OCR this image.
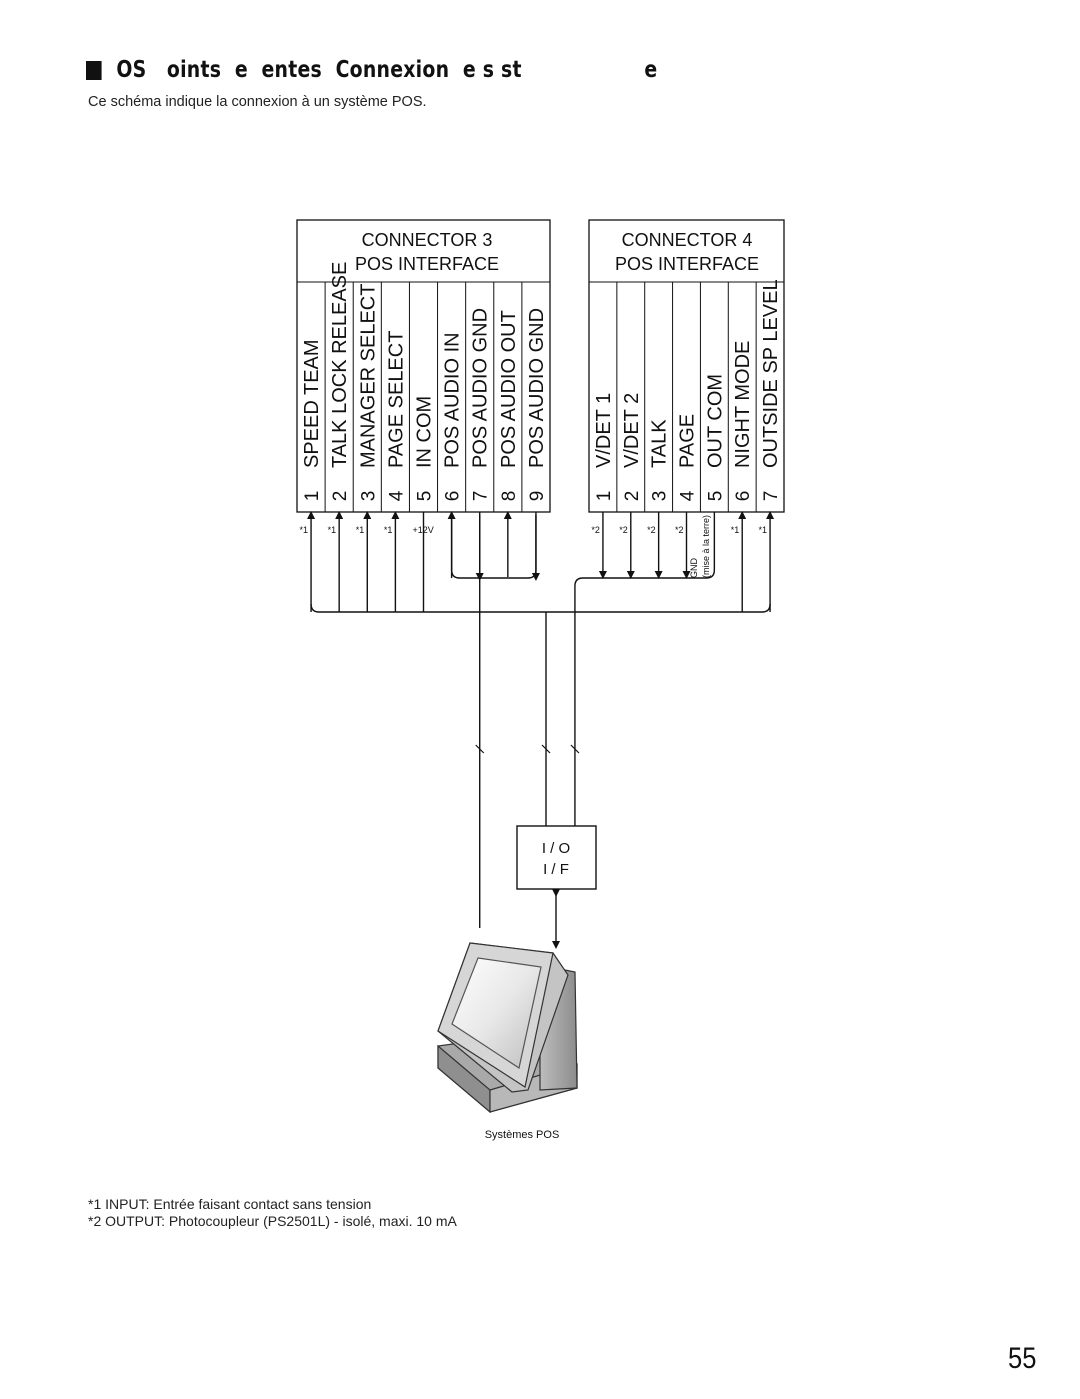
OS   oints  e  entes  Connexion  e s st                  e
Ce schéma indique la connexion à un système POS.
CONNECTOR 3
POS INTERFACE
SPEED TEAM
1
TALK LOCK RELEASE
2
MANAGER SELECT
3
PAGE SELECT
4
IN COM
5
POS AUDIO IN
6
POS AUDIO GND
7
POS AUDIO OUT
8
POS AUDIO GND
9
CONNECTOR 4
POS INTERFACE
V/DET 1
1
V/DET 2
2
TALK
3
PAGE
4
OUT COM
5
NIGHT MODE
6
OUTSIDE SP LEVEL
7
GND (mise à la terre)
I / O
I / F
Systèmes POS
*1 *1 *1 *1 +12V	*2 *2 *2 *2	*1 *1
*1 INPUT: Entrée faisant contact sans tension
*2 OUTPUT: Photocoupleur (PS2501L) - isolé, maxi. 10 mA
55
